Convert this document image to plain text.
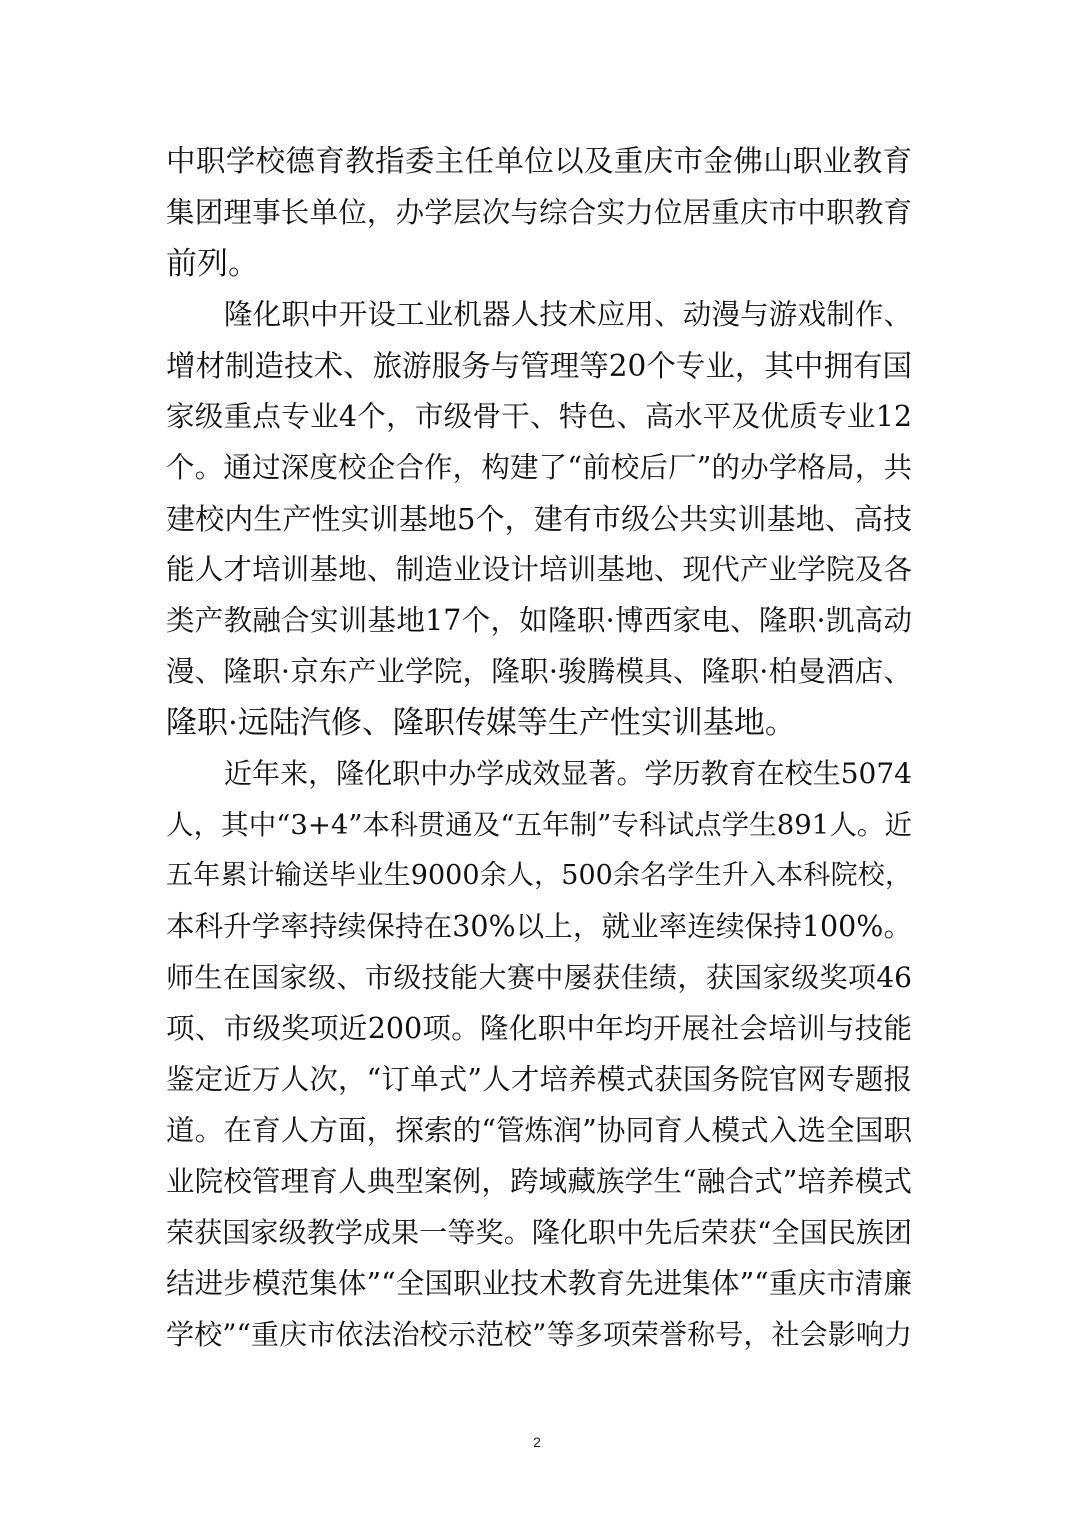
中职学校德育教指委主任单位以及重庆市金佛山职业教育
集团理事长单位，办学层次与综合实力位居重庆市中职教育
前列。
隆化职中开设工业机器人技术应用、动漫与游戏制作、
增材制造技术、旅游服务与管理等20个专业，其中拥有国
家级重点专业4个，市级骨干、特色、高水平及优质专业12
个。通过深度校企合作，构建了“前校后厂”的办学格局，共
建校内生产性实训基地5个，建有市级公共实训基地、高技
能人才培训基地、制造业设计培训基地、现代产业学院及各
类产教融合实训基地17个，如隆职·博西家电、隆职·凯高动
漫、隆职·京东产业学院，隆职·骏腾模具、隆职·柏曼酒店、
隆职·远陆汽修、隆职传媒等生产性实训基地。
近年来，隆化职中办学成效显著。学历教育在校生5074
人，其中“3+4”本科贯通及“五年制”专科试点学生891人。近
五年累计输送毕业生9000余人，500余名学生升入本科院校，
本科升学率持续保持在30%以上，就业率连续保持100%。
师生在国家级、市级技能大赛中屡获佳绩，获国家级奖项46
项、市级奖项近200项。隆化职中年均开展社会培训与技能
鉴定近万人次，“订单式”人才培养模式获国务院官网专题报
道。在育人方面，探索的“管炼润”协同育人模式入选全国职
业院校管理育人典型案例，跨域藏族学生“融合式”培养模式
荣获国家级教学成果一等奖。隆化职中先后荣获“全国民族团
结进步模范集体”“全国职业技术教育先进集体”“重庆市清廉
学校”“重庆市依法治校示范校”等多项荣誉称号，社会影响力
2
